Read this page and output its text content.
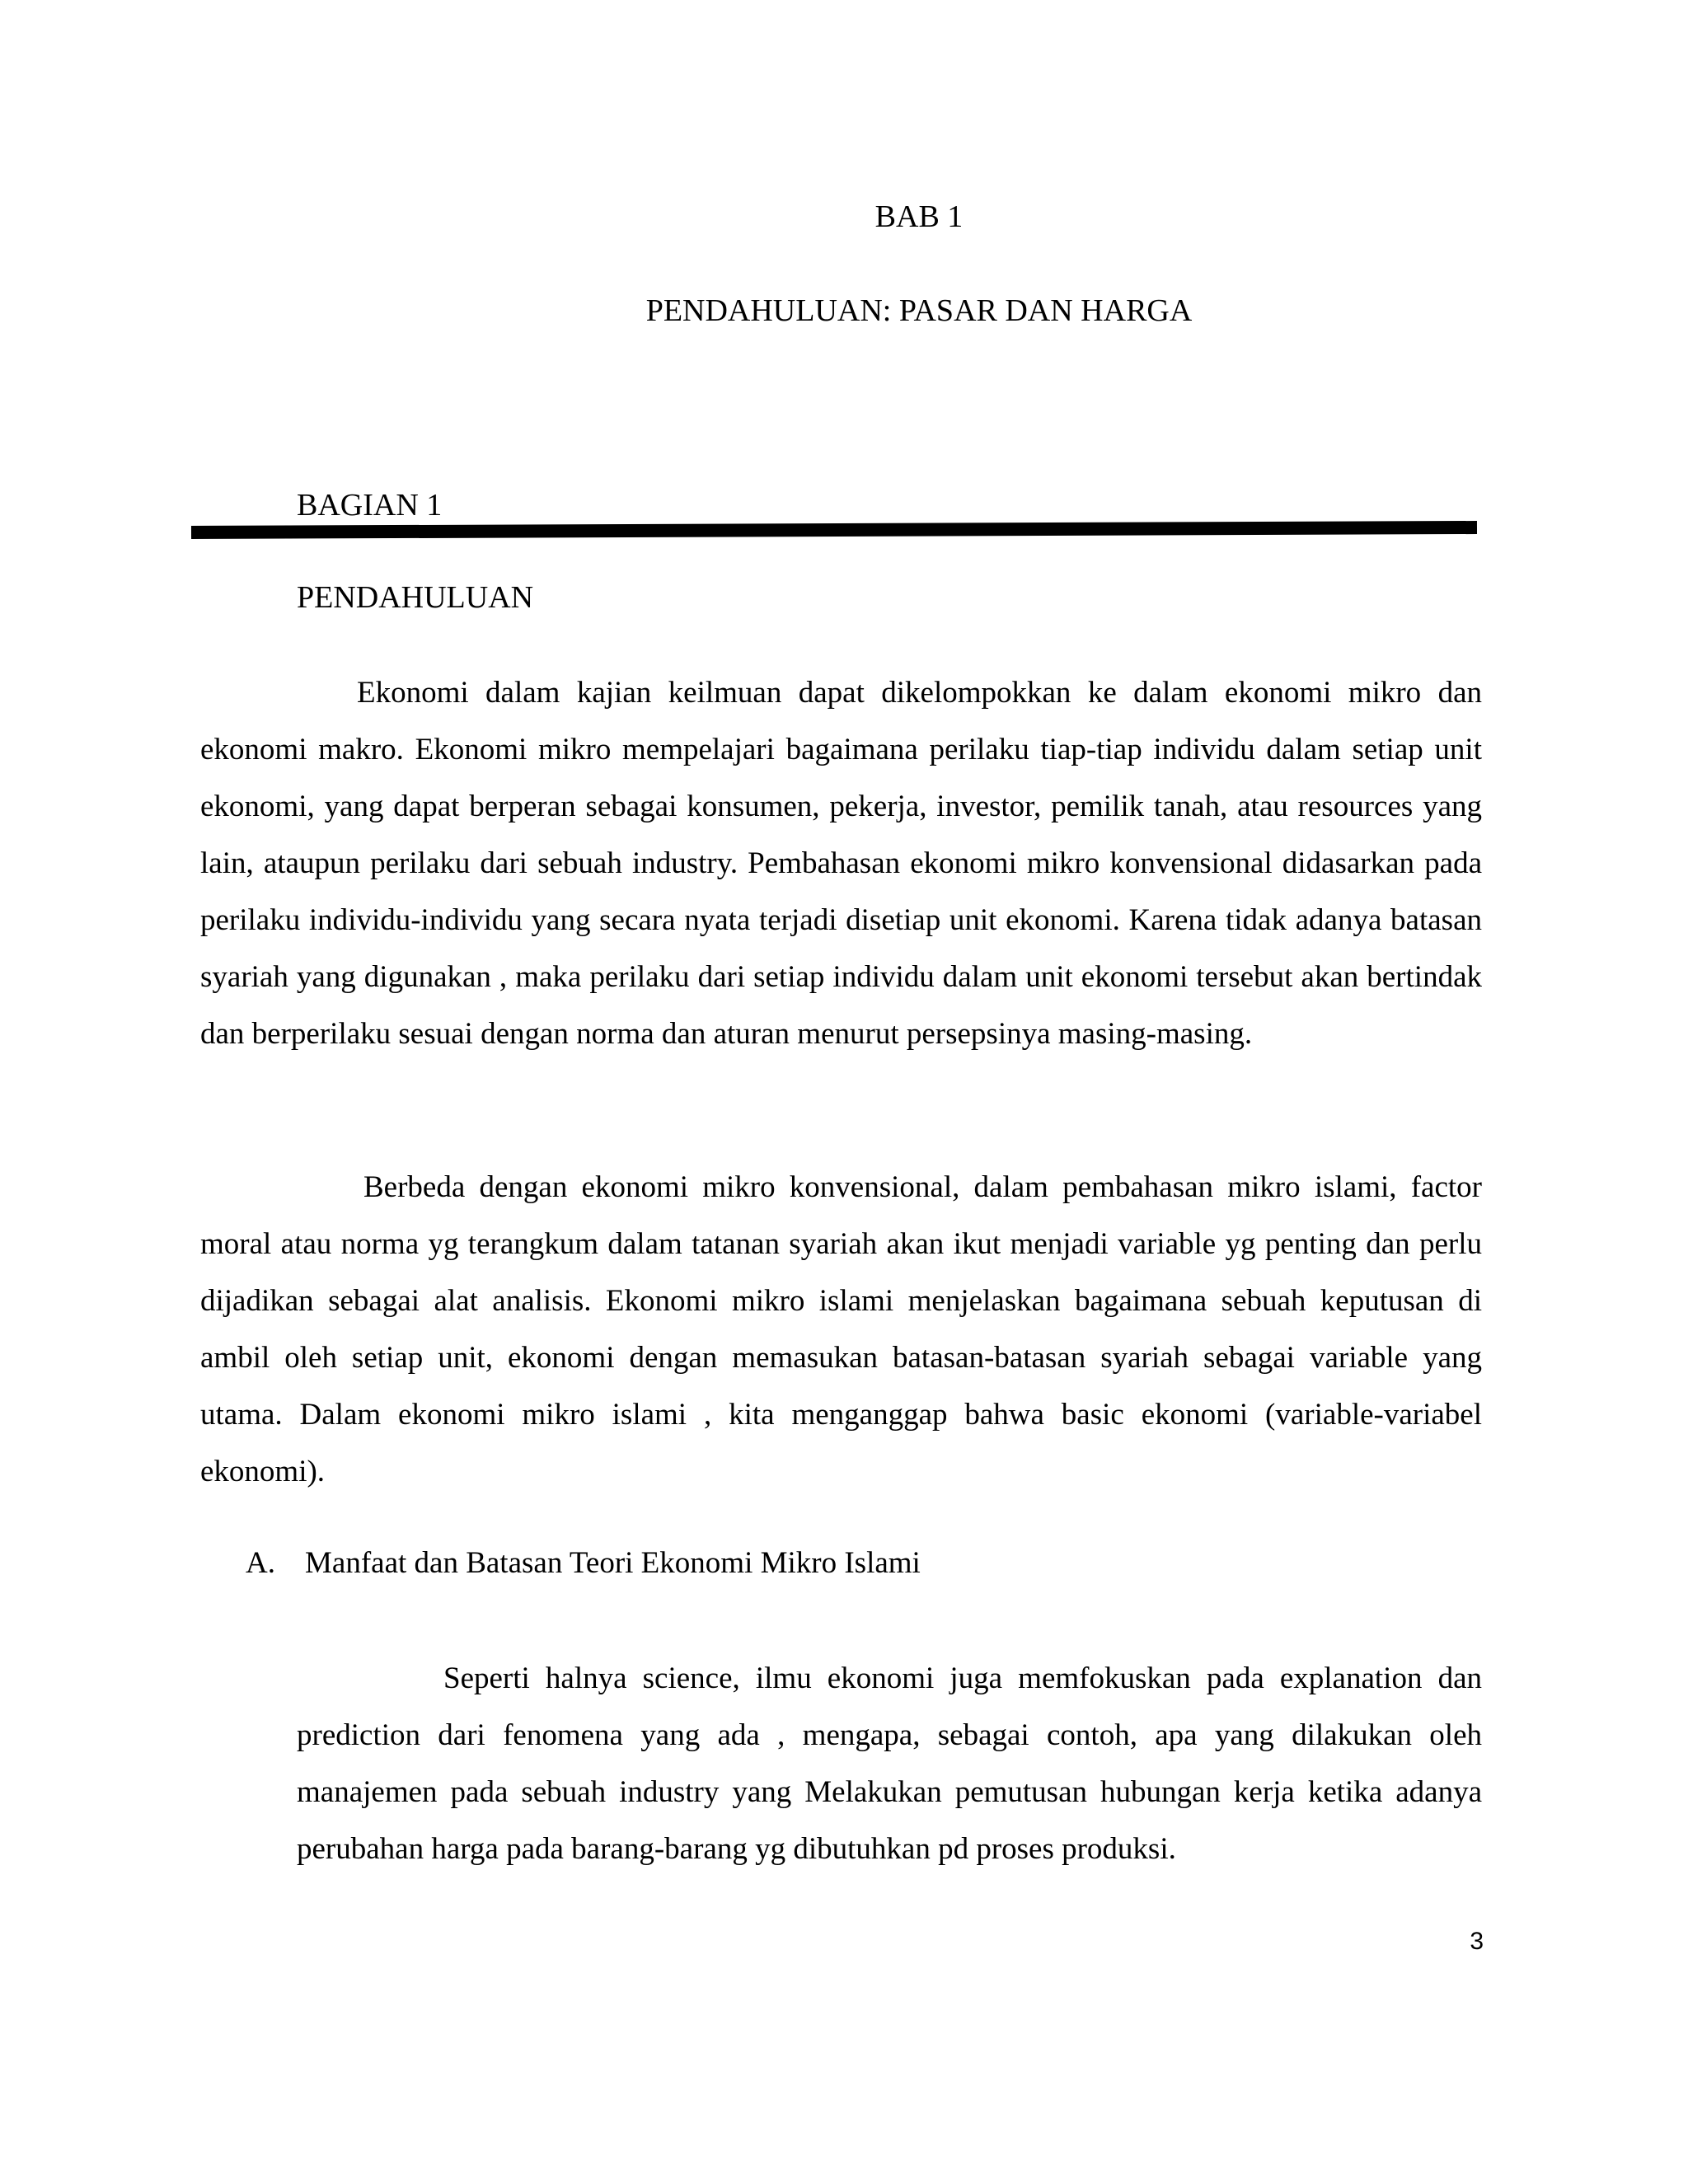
BAB 1
PENDAHULUAN: PASAR DAN HARGA
BAGIAN 1
PENDAHULUAN

Ekonomi dalam kajian keilmuan dapat dikelompokkan ke dalam ekonomi mikro dan ekonomi makro. Ekonomi mikro mempelajari bagaimana perilaku tiap-tiap individu dalam setiap unit ekonomi, yang dapat berperan sebagai konsumen, pekerja, investor, pemilik tanah, atau resources yang lain, ataupun perilaku dari sebuah industry. Pembahasan ekonomi mikro konvensional didasarkan pada perilaku individu-individu yang secara nyata terjadi disetiap unit ekonomi. Karena tidak adanya batasan syariah yang digunakan , maka perilaku dari setiap individu dalam unit ekonomi tersebut akan bertindak dan berperilaku sesuai dengan norma dan aturan menurut persepsinya masing-masing.

Berbeda dengan ekonomi mikro konvensional, dalam pembahasan mikro islami, factor moral atau norma yg terangkum dalam tatanan syariah akan ikut menjadi variable yg penting dan perlu dijadikan sebagai alat analisis. Ekonomi mikro islami menjelaskan bagaimana sebuah keputusan di ambil oleh setiap unit, ekonomi dengan memasukan batasan-batasan syariah sebagai variable yang utama. Dalam ekonomi mikro islami , kita menganggap bahwa basic ekonomi (variable-variabel ekonomi).

A. Manfaat dan Batasan Teori Ekonomi Mikro Islami

Seperti halnya science, ilmu ekonomi juga memfokuskan pada explanation dan prediction dari fenomena yang ada , mengapa, sebagai contoh, apa yang dilakukan oleh manajemen pada sebuah industry yang Melakukan pemutusan hubungan kerja ketika adanya perubahan harga pada barang-barang yg dibutuhkan pd proses produksi.

3
